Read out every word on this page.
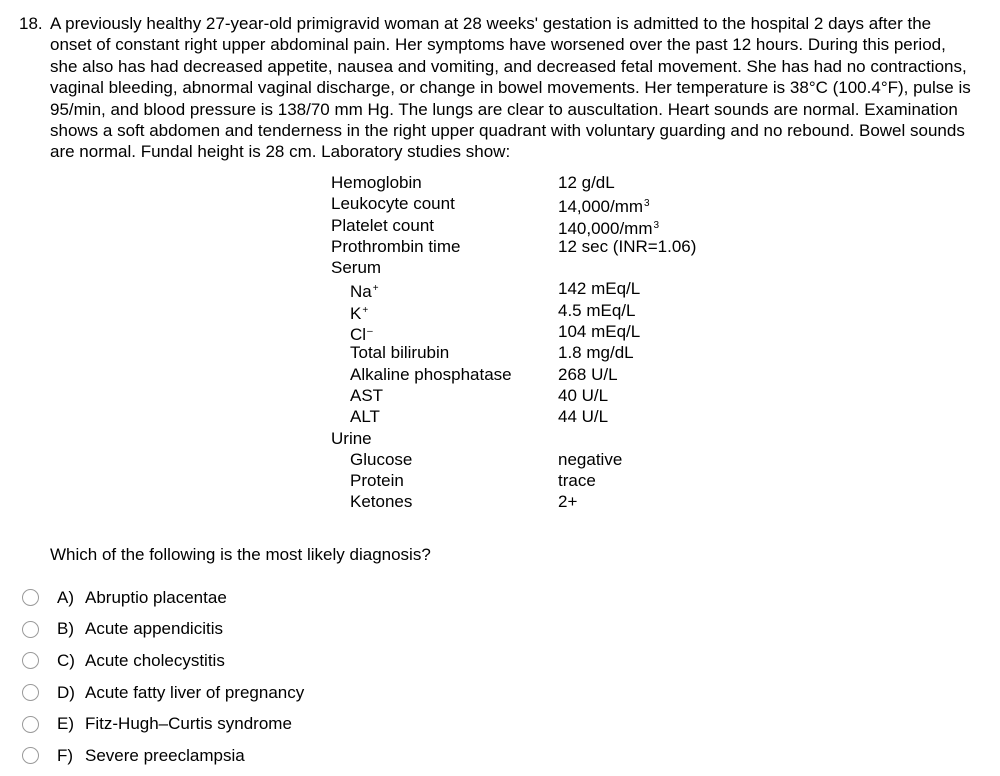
18. A previously healthy 27-year-old primigravid woman at 28 weeks' gestation is admitted to the hospital 2 days after the onset of constant right upper abdominal pain. Her symptoms have worsened over the past 12 hours. During this period, she also has had decreased appetite, nausea and vomiting, and decreased fetal movement. She has had no contractions, vaginal bleeding, abnormal vaginal discharge, or change in bowel movements. Her temperature is 38°C (100.4°F), pulse is 95/min, and blood pressure is 138/70 mm Hg. The lungs are clear to auscultation. Heart sounds are normal. Examination shows a soft abdomen and tenderness in the right upper quadrant with voluntary guarding and no rebound. Bowel sounds are normal. Fundal height is 28 cm. Laboratory studies show:
Hemoglobin	12 g/dL
Leukocyte count	$14,000/mm^3$
Platelet count	$140,000/mm^3$
Prothrombin time	12 sec (INR=1.06)
Serum
Na+	142 mEq/L
K+	4.5 mEq/L
Cl–	104 mEq/L
Total bilirubin	1.8 mg/dL
Alkaline phosphatase	268 U/L
AST	40 U/L
ALT	44 U/L
Urine
Glucose	negative
Protein	trace
Ketones	2+
Which of the following is the most likely diagnosis?
A) Abruptio placentae
B) Acute appendicitis
C) Acute cholecystitis
D) Acute fatty liver of pregnancy
E) Fitz-Hugh–Curtis syndrome
F) Severe preeclampsia
